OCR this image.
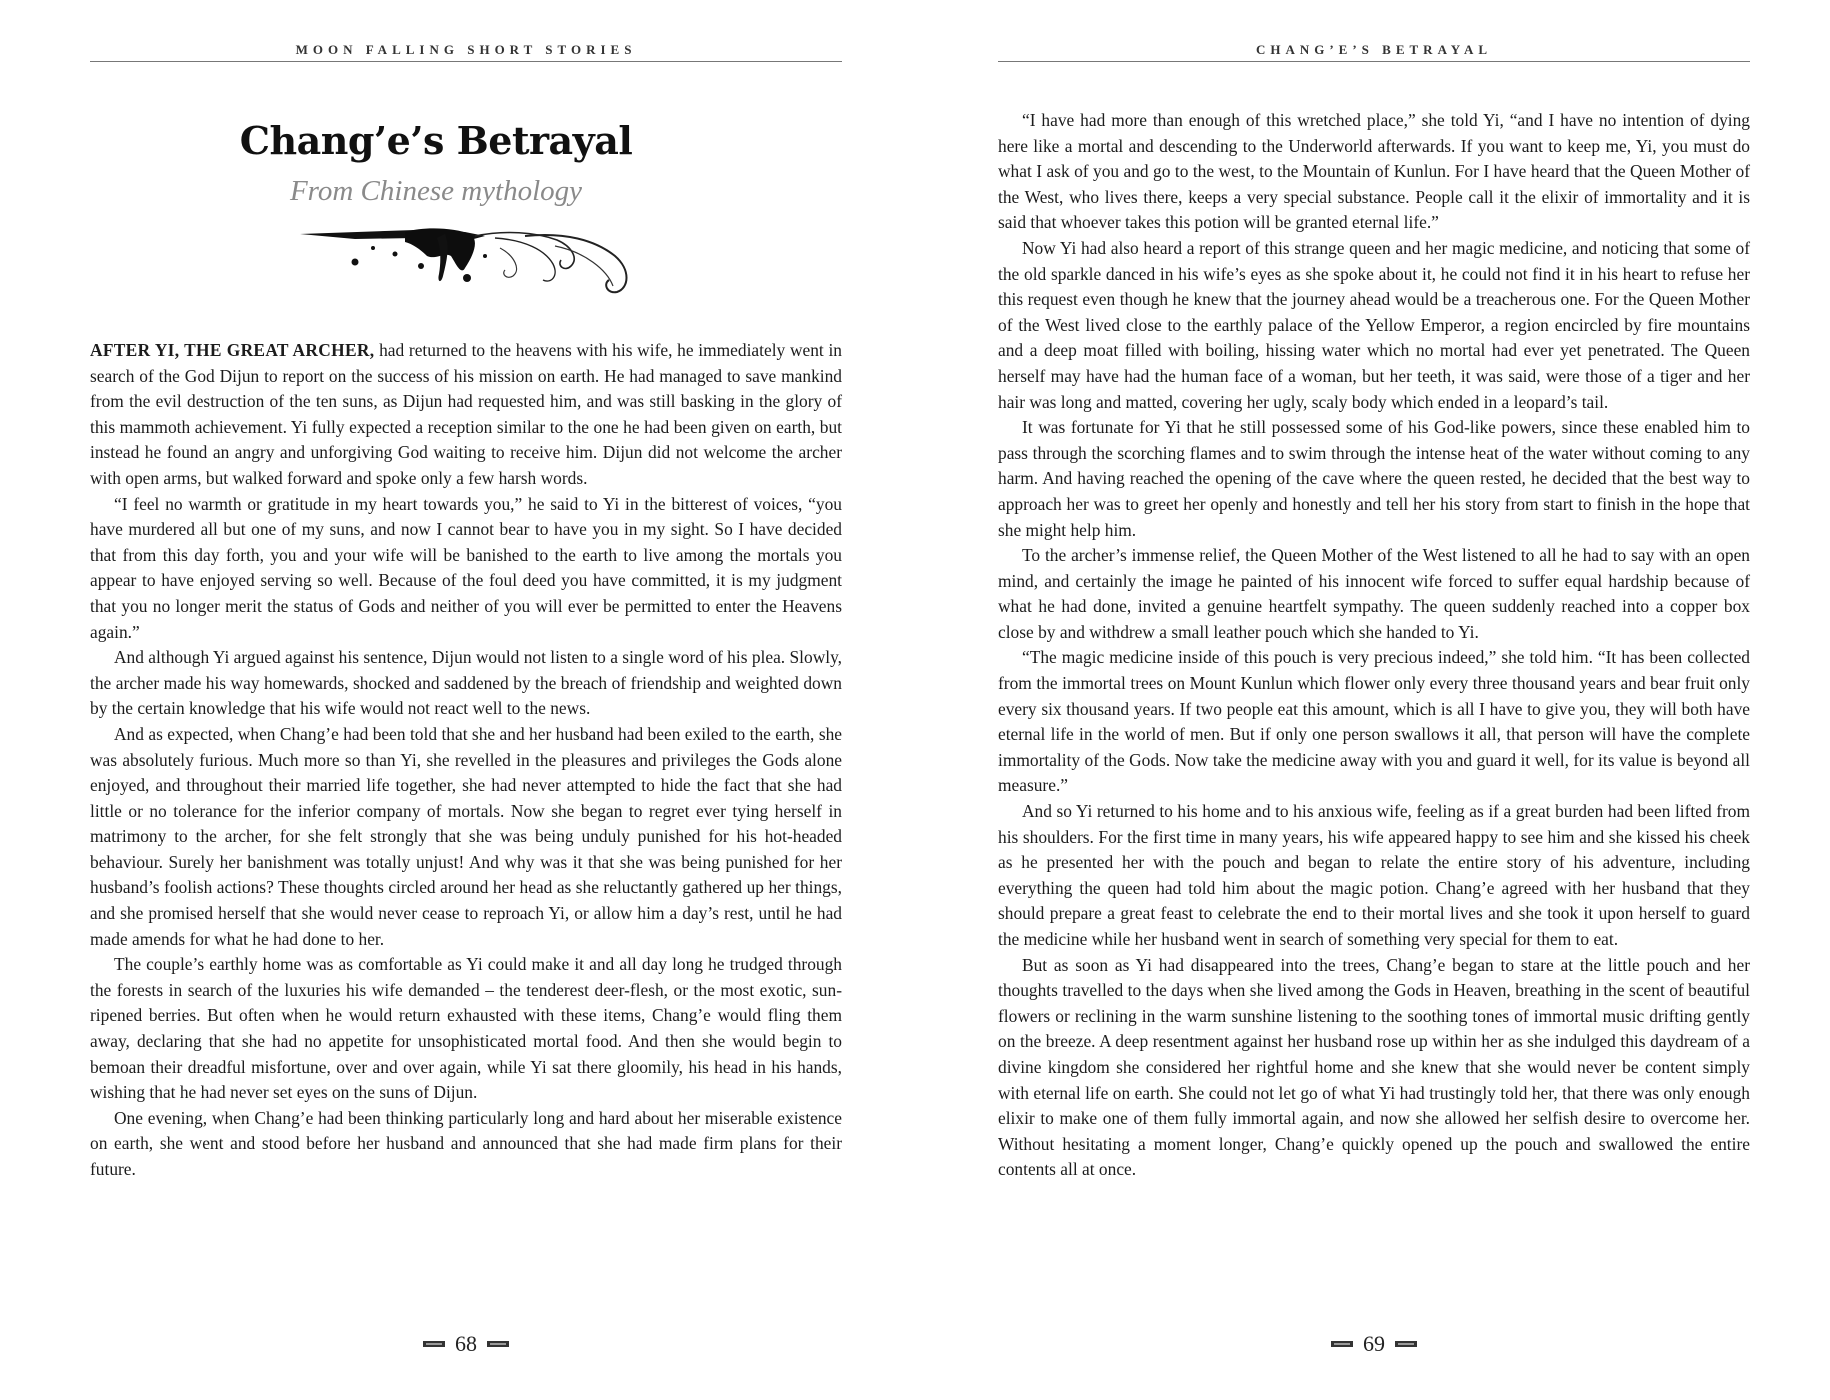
MOON FALLING SHORT STORIES
Chang’e’s Betrayal
From Chinese mythology

AFTER YI, THE GREAT ARCHER, had returned to the heavens with his wife, he immediately went in search of the God Dijun to report on the success of his mission on earth. He had managed to save mankind from the evil destruction of the ten suns, as Dijun had requested him, and was still basking in the glory of this mammoth achievement. Yi fully expected a reception similar to the one he had been given on earth, but instead he found an angry and unforgiving God waiting to receive him. Dijun did not welcome the archer with open arms, but walked forward and spoke only a few harsh words.

“I feel no warmth or gratitude in my heart towards you,” he said to Yi in the bitterest of voices, “you have murdered all but one of my suns, and now I cannot bear to have you in my sight. So I have decided that from this day forth, you and your wife will be banished to the earth to live among the mortals you appear to have enjoyed serving so well. Because of the foul deed you have committed, it is my judgment that you no longer merit the status of Gods and neither of you will ever be permitted to enter the Heavens again.”

And although Yi argued against his sentence, Dijun would not listen to a single word of his plea. Slowly, the archer made his way homewards, shocked and saddened by the breach of friendship and weighted down by the certain knowledge that his wife would not react well to the news.

And as expected, when Chang’e had been told that she and her husband had been exiled to the earth, she was absolutely furious. Much more so than Yi, she revelled in the pleasures and privileges the Gods alone enjoyed, and throughout their married life together, she had never attempted to hide the fact that she had little or no tolerance for the inferior company of mortals. Now she began to regret ever tying herself in matrimony to the archer, for she felt strongly that she was being unduly punished for his hot-headed behaviour. Surely her banishment was totally unjust! And why was it that she was being punished for her husband’s foolish actions? These thoughts circled around her head as she reluctantly gathered up her things, and she promised herself that she would never cease to reproach Yi, or allow him a day’s rest, until he had made amends for what he had done to her.

The couple’s earthly home was as comfortable as Yi could make it and all day long he trudged through the forests in search of the luxuries his wife demanded – the tenderest deer-flesh, or the most exotic, sun-ripened berries. But often when he would return exhausted with these items, Chang’e would fling them away, declaring that she had no appetite for unsophisticated mortal food. And then she would begin to bemoan their dreadful misfortune, over and over again, while Yi sat there gloomily, his head in his hands, wishing that he had never set eyes on the suns of Dijun.

One evening, when Chang’e had been thinking particularly long and hard about her miserable existence on earth, she went and stood before her husband and announced that she had made firm plans for their future.

68
CHANG’E’S BETRAYAL

“I have had more than enough of this wretched place,” she told Yi, “and I have no intention of dying here like a mortal and descending to the Underworld afterwards. If you want to keep me, Yi, you must do what I ask of you and go to the west, to the Mountain of Kunlun. For I have heard that the Queen Mother of the West, who lives there, keeps a very special substance. People call it the elixir of immortality and it is said that whoever takes this potion will be granted eternal life.”

Now Yi had also heard a report of this strange queen and her magic medicine, and noticing that some of the old sparkle danced in his wife’s eyes as she spoke about it, he could not find it in his heart to refuse her this request even though he knew that the journey ahead would be a treacherous one. For the Queen Mother of the West lived close to the earthly palace of the Yellow Emperor, a region encircled by fire mountains and a deep moat filled with boiling, hissing water which no mortal had ever yet penetrated. The Queen herself may have had the human face of a woman, but her teeth, it was said, were those of a tiger and her hair was long and matted, covering her ugly, scaly body which ended in a leopard’s tail.

It was fortunate for Yi that he still possessed some of his God-like powers, since these enabled him to pass through the scorching flames and to swim through the intense heat of the water without coming to any harm. And having reached the opening of the cave where the queen rested, he decided that the best way to approach her was to greet her openly and honestly and tell her his story from start to finish in the hope that she might help him.

To the archer’s immense relief, the Queen Mother of the West listened to all he had to say with an open mind, and certainly the image he painted of his innocent wife forced to suffer equal hardship because of what he had done, invited a genuine heartfelt sympathy. The queen suddenly reached into a copper box close by and withdrew a small leather pouch which she handed to Yi.

“The magic medicine inside of this pouch is very precious indeed,” she told him. “It has been collected from the immortal trees on Mount Kunlun which flower only every three thousand years and bear fruit only every six thousand years. If two people eat this amount, which is all I have to give you, they will both have eternal life in the world of men. But if only one person swallows it all, that person will have the complete immortality of the Gods. Now take the medicine away with you and guard it well, for its value is beyond all measure.”

And so Yi returned to his home and to his anxious wife, feeling as if a great burden had been lifted from his shoulders. For the first time in many years, his wife appeared happy to see him and she kissed his cheek as he presented her with the pouch and began to relate the entire story of his adventure, including everything the queen had told him about the magic potion. Chang’e agreed with her husband that they should prepare a great feast to celebrate the end to their mortal lives and she took it upon herself to guard the medicine while her husband went in search of something very special for them to eat.

But as soon as Yi had disappeared into the trees, Chang’e began to stare at the little pouch and her thoughts travelled to the days when she lived among the Gods in Heaven, breathing in the scent of beautiful flowers or reclining in the warm sunshine listening to the soothing tones of immortal music drifting gently on the breeze. A deep resentment against her husband rose up within her as she indulged this daydream of a divine kingdom she considered her rightful home and she knew that she would never be content simply with eternal life on earth. She could not let go of what Yi had trustingly told her, that there was only enough elixir to make one of them fully immortal again, and now she allowed her selfish desire to overcome her. Without hesitating a moment longer, Chang’e quickly opened up the pouch and swallowed the entire contents all at once.

69
